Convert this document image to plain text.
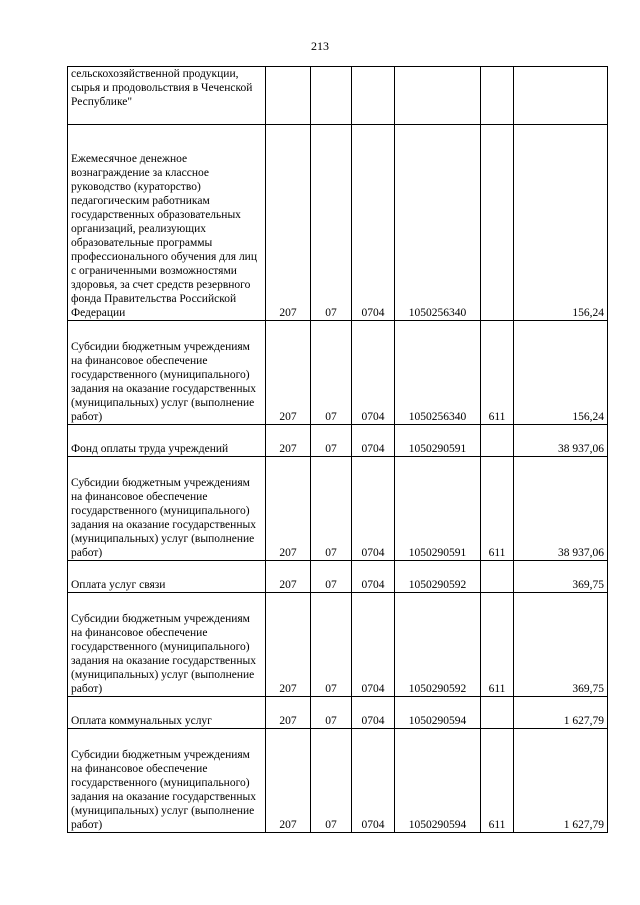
213
сельскохозяйственной продукции, сырья и продовольствия в Чеченской Республике"						
Ежемесячное денежное вознаграждение за классное руководство (кураторство) педагогическим работникам государственных образовательных организаций, реализующих образовательные программы профессионального обучения для лиц с ограниченными возможностями здоровья, за счет средств резервного фонда Правительства Российской Федерации	207	07	0704	1050256340		156,24
Субсидии бюджетным учреждениям на финансовое обеспечение государственного (муниципального) задания на оказание государственных (муниципальных) услуг (выполнение работ)	207	07	0704	1050256340	611	156,24
Фонд оплаты труда учреждений	207	07	0704	1050290591		38 937,06
Субсидии бюджетным учреждениям на финансовое обеспечение государственного (муниципального) задания на оказание государственных (муниципальных) услуг (выполнение работ)	207	07	0704	1050290591	611	38 937,06
Оплата услуг связи	207	07	0704	1050290592		369,75
Субсидии бюджетным учреждениям на финансовое обеспечение государственного (муниципального) задания на оказание государственных (муниципальных) услуг (выполнение работ)	207	07	0704	1050290592	611	369,75
Оплата коммунальных услуг	207	07	0704	1050290594		1 627,79
Субсидии бюджетным учреждениям на финансовое обеспечение государственного (муниципального) задания на оказание государственных (муниципальных) услуг (выполнение работ)	207	07	0704	1050290594	611	1 627,79
